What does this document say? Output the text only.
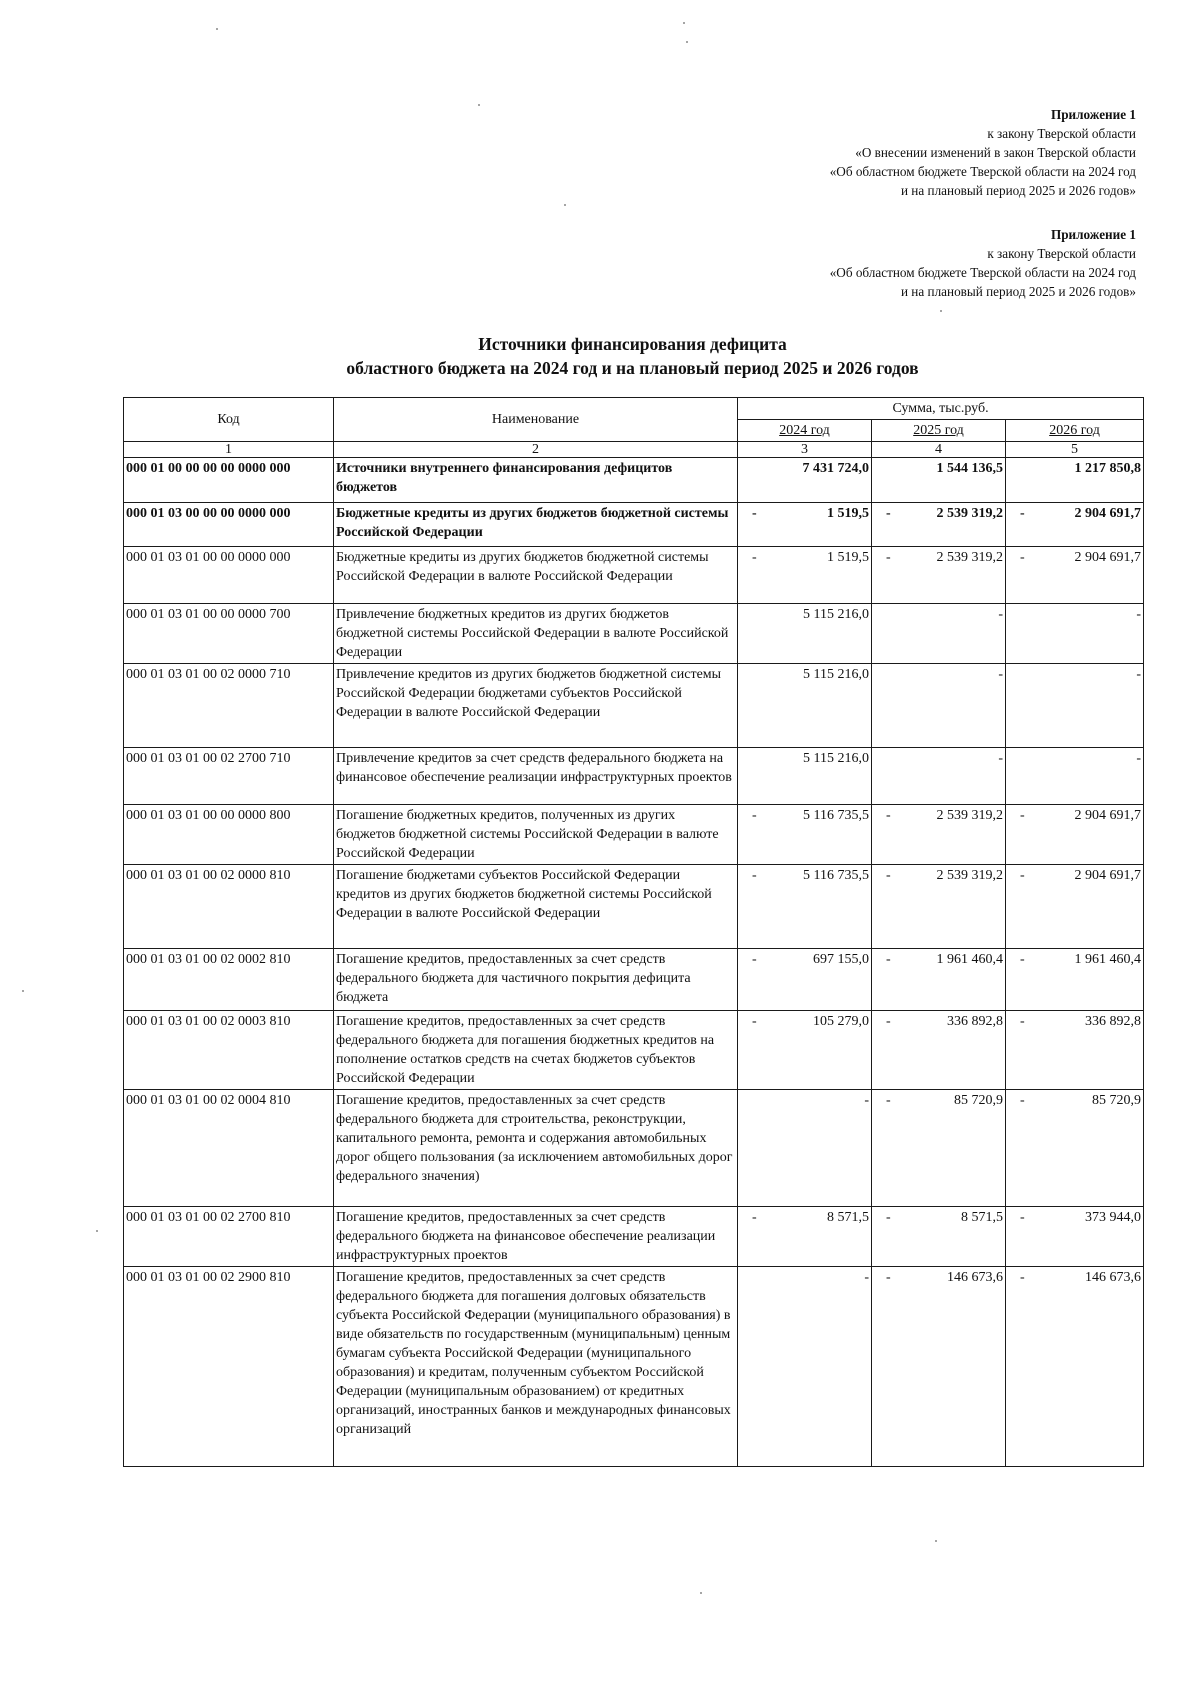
Приложение 1
к закону Тверской области
«О внесении изменений в закон Тверской области
«Об областном бюджете Тверской области на 2024 год
и на плановый период 2025 и 2026 годов»
Приложение 1
к закону Тверской области
«Об областном бюджете Тверской области на 2024 год
и на плановый период 2025 и 2026 годов»
Источники финансирования дефицита
областного бюджета на 2024 год и на плановый период 2025 и 2026 годов
Код	Наименование	Сумма, тыс.руб.		
		2024 год	2025 год	2026 год
1	2	3	4	5
000 01 00 00 00 00 0000 000	Источники внутреннего финансирования дефицитов бюджетов	7 431 724,0	1 544 136,5	1 217 850,8
000 01 03 00 00 00 0000 000	Бюджетные кредиты из других бюджетов бюджетной системы Российской Федерации	- 1 519,5	- 2 539 319,2	- 2 904 691,7
000 01 03 01 00 00 0000 000	Бюджетные кредиты из других бюджетов бюджетной системы Российской Федерации в валюте Российской Федерации	- 1 519,5	- 2 539 319,2	- 2 904 691,7
000 01 03 01 00 00 0000 700	Привлечение бюджетных кредитов из других бюджетов бюджетной системы Российской Федерации в валюте Российской Федерации	5 115 216,0	-	-
000 01 03 01 00 02 0000 710	Привлечение кредитов из других бюджетов бюджетной системы Российской Федерации бюджетами субъектов Российской Федерации в валюте Российской Федерации	5 115 216,0	-	-
000 01 03 01 00 02 2700 710	Привлечение кредитов за счет средств федерального бюджета на финансовое обеспечение реализации инфраструктурных проектов	5 115 216,0	-	-
000 01 03 01 00 00 0000 800	Погашение бюджетных кредитов, полученных из других бюджетов бюджетной системы Российской Федерации в валюте Российской Федерации	- 5 116 735,5	- 2 539 319,2	- 2 904 691,7
000 01 03 01 00 02 0000 810	Погашение бюджетами субъектов Российской Федерации кредитов из других бюджетов бюджетной системы Российской Федерации в валюте Российской Федерации	- 5 116 735,5	- 2 539 319,2	- 2 904 691,7
000 01 03 01 00 02 0002 810	Погашение кредитов, предоставленных за счет средств федерального бюджета для частичного покрытия дефицита бюджета	- 697 155,0	- 1 961 460,4	- 1 961 460,4
000 01 03 01 00 02 0003 810	Погашение кредитов, предоставленных за счет средств федерального бюджета для погашения бюджетных кредитов на пополнение остатков средств на счетах бюджетов субъектов Российской Федерации	- 105 279,0	- 336 892,8	- 336 892,8
000 01 03 01 00 02 0004 810	Погашение кредитов, предоставленных за счет средств федерального бюджета для строительства, реконструкции, капитального ремонта, ремонта и содержания автомобильных дорог общего пользования (за исключением автомобильных дорог федерального значения)	-	- 85 720,9	- 85 720,9
000 01 03 01 00 02 2700 810	Погашение кредитов, предоставленных за счет средств федерального бюджета на финансовое обеспечение реализации инфраструктурных проектов	- 8 571,5	- 8 571,5	- 373 944,0
000 01 03 01 00 02 2900 810	Погашение кредитов, предоставленных за счет средств федерального бюджета для погашения долговых обязательств субъекта Российской Федерации (муниципального образования) в виде обязательств по государственным (муниципальным) ценным бумагам субъекта Российской Федерации (муниципального образования) и кредитам, полученным субъектом Российской Федерации (муниципальным образованием) от кредитных организаций, иностранных банков и международных финансовых организаций	-	- 146 673,6	- 146 673,6
